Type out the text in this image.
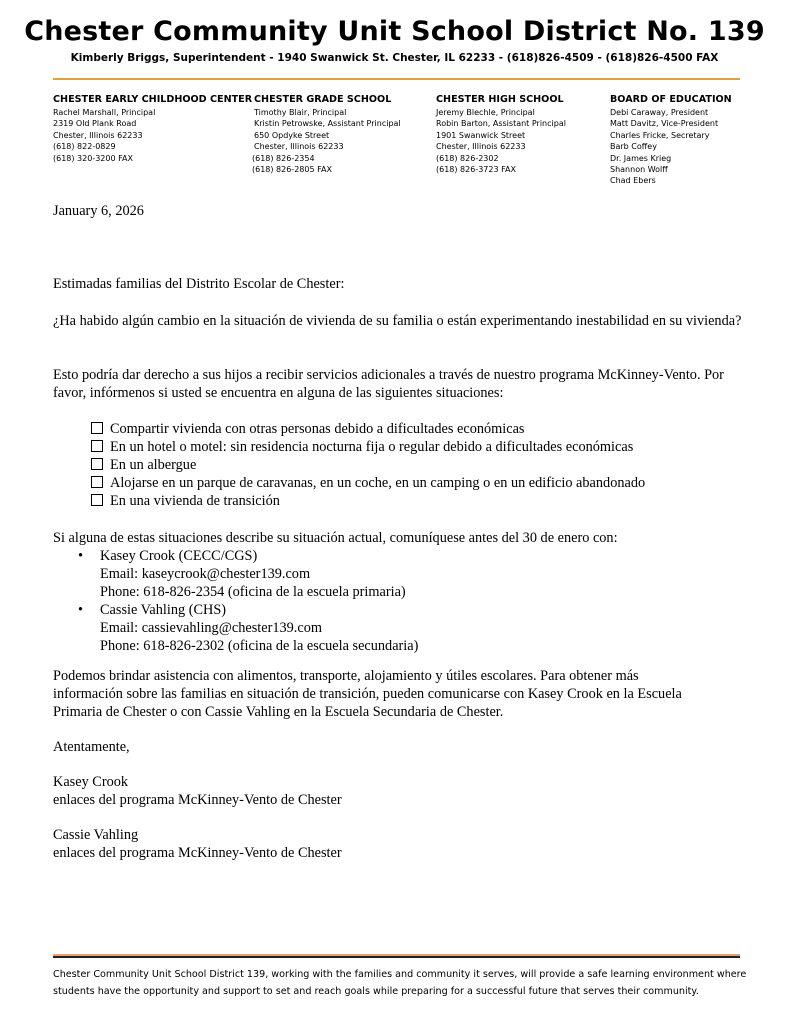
Chester Community Unit School District No. 139
Kimberly Briggs, Superintendent - 1940 Swanwick St. Chester, IL 62233 - (618)826-4509 - (618)826-4500 FAX
CHESTER EARLY CHILDHOOD CENTER
Rachel Marshall, Principal
2319 Old Plank Road
Chester, Illinois 62233
(618) 822-0829
(618) 320-3200 FAX
CHESTER GRADE SCHOOL
Timothy Blair, Principal
Kristin Petrowske, Assistant Principal
650 Opdyke Street
Chester, Illinois 62233
(618) 826-2354
(618) 826-2805 FAX
CHESTER HIGH SCHOOL
Jeremy Blechle, Principal
Robin Barton, Assistant Principal
1901 Swanwick Street
Chester, Illinois 62233
(618) 826-2302
(618) 826-3723 FAX
BOARD OF EDUCATION
Debi Caraway, President
Matt Davitz, Vice-President
Charles Fricke, Secretary
Barb Coffey
Dr. James Krieg
Shannon Wolff
Chad Ebers
January 6, 2026
Estimadas familias del Distrito Escolar de Chester:
¿Ha habido algún cambio en la situación de vivienda de su familia o están experimentando inestabilidad en su vivienda?
Esto podría dar derecho a sus hijos a recibir servicios adicionales a través de nuestro programa McKinney-Vento. Por favor, infórmenos si usted se encuentra en alguna de las siguientes situaciones:
Compartir vivienda con otras personas debido a dificultades económicas
En un hotel o motel: sin residencia nocturna fija o regular debido a dificultades económicas
En un albergue
Alojarse en un parque de caravanas, en un coche, en un camping o en un edificio abandonado
En una vivienda de transición
Si alguna de estas situaciones describe su situación actual, comuníquese antes del 30 de enero con:
• Kasey Crook (CECC/CGS)
Email: kaseycrook@chester139.com
Phone: 618-826-2354 (oficina de la escuela primaria)
• Cassie Vahling (CHS)
Email: cassievahling@chester139.com
Phone: 618-826-2302 (oficina de la escuela secundaria)
Podemos brindar asistencia con alimentos, transporte, alojamiento y útiles escolares. Para obtener más información sobre las familias en situación de transición, pueden comunicarse con Kasey Crook en la Escuela Primaria de Chester o con Cassie Vahling en la Escuela Secundaria de Chester.
Atentamente,
Kasey Crook
enlaces del programa McKinney-Vento de Chester
Cassie Vahling
enlaces del programa McKinney-Vento de Chester
Chester Community Unit School District 139, working with the families and community it serves, will provide a safe learning environment where students have the opportunity and support to set and reach goals while preparing for a successful future that serves their community.
